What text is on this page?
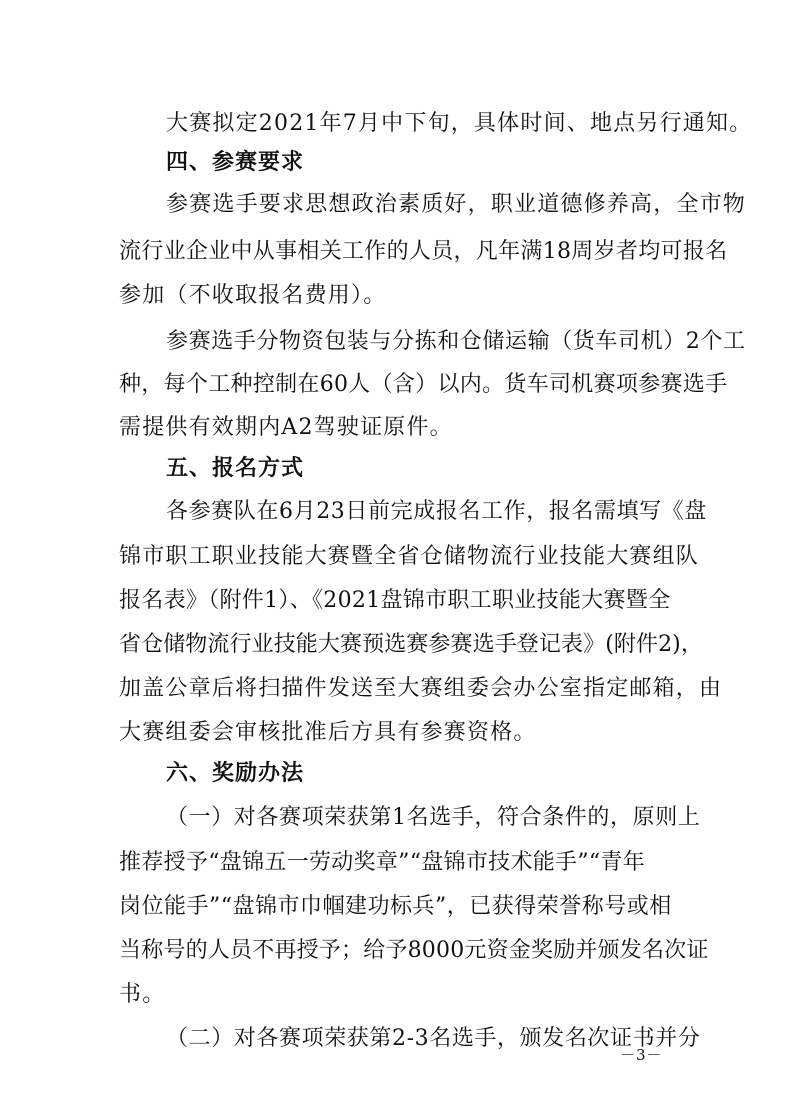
大赛拟定2021年7月中下旬，具体时间、地点另行通知。
四、参赛要求
参赛选手要求思想政治素质好，职业道德修养高，全市物
流行业企业中从事相关工作的人员，凡年满18周岁者均可报名
参加（不收取报名费用）。
参赛选手分物资包装与分拣和仓储运输（货车司机）2个工
种，每个工种控制在60人（含）以内。货车司机赛项参赛选手
需提供有效期内A2驾驶证原件。
五、报名方式
各参赛队在6月23日前完成报名工作，报名需填写《盘
锦市职工职业技能大赛暨全省仓储物流行业技能大赛组队
报名表》（附件1）、《2021盘锦市职工职业技能大赛暨全
省仓储物流行业技能大赛预选赛参赛选手登记表》(附件2)，
加盖公章后将扫描件发送至大赛组委会办公室指定邮箱，由
大赛组委会审核批准后方具有参赛资格。
六、奖励办法
（一）对各赛项荣获第1名选手，符合条件的，原则上
推荐授予“盘锦五一劳动奖章”“盘锦市技术能手”“青年
岗位能手”“盘锦市巾帼建功标兵”，已获得荣誉称号或相
当称号的人员不再授予；给予8000元资金奖励并颁发名次证
书。
（二）对各赛项荣获第2-3名选手，颁发名次证书并分
－3－
